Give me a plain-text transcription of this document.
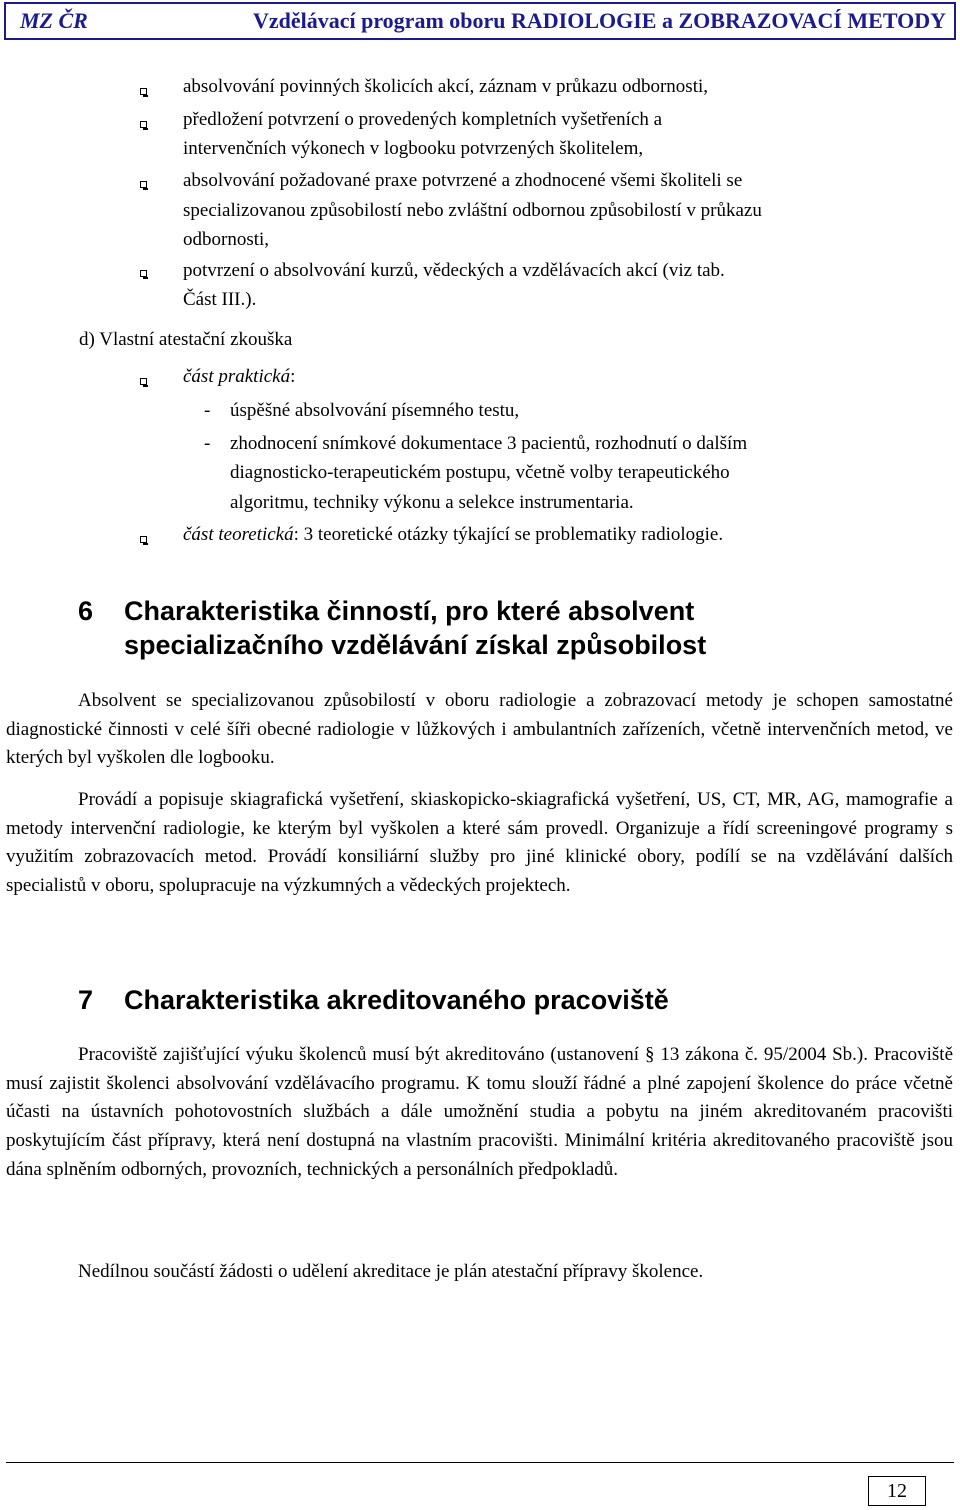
MZ ČR	Vzdělávací program oboru RADIOLOGIE a ZOBRAZOVACÍ METODY
absolvování povinných školicích akcí, záznam v průkazu odbornosti,
předložení potvrzení o provedených kompletních vyšetřeních a
intervenčních výkonech v logbooku potvrzených školitelem,
absolvování požadované praxe potvrzené a zhodnocené všemi školiteli se
specializovanou způsobilostí nebo zvláštní odbornou způsobilostí v průkazu
odbornosti,
potvrzení o absolvování kurzů, vědeckých a vzdělávacích akcí (viz tab.
Část III.).
d) Vlastní atestační zkouška
část praktická:
- úspěšné absolvování písemného testu,
- zhodnocení snímkové dokumentace 3 pacientů, rozhodnutí o dalším
diagnosticko-terapeutickém postupu, včetně volby terapeutického
algoritmu, techniky výkonu a selekce instrumentaria.
část teoretická: 3 teoretické otázky týkající se problematiky radiologie.
6 Charakteristika činností, pro které absolvent
specializačního vzdělávání získal způsobilost
Absolvent se specializovanou způsobilostí v oboru radiologie a zobrazovací metody je schopen samostatné diagnostické činnosti v celé šíři obecné radiologie v lůžkových i ambulantních zařízeních, včetně intervenčních metod, ve kterých byl vyškolen dle logbooku.
Provádí a popisuje skiagrafická vyšetření, skiaskopicko-skiagrafická vyšetření, US, CT, MR, AG, mamografie a metody intervenční radiologie, ke kterým byl vyškolen a které sám provedl. Organizuje a řídí screeningové programy s využitím zobrazovacích metod. Provádí konsiliární služby pro jiné klinické obory, podílí se na vzdělávání dalších specialistů v oboru, spolupracuje na výzkumných a vědeckých projektech.
7 Charakteristika akreditovaného pracoviště
Pracoviště zajišťující výuku školenců musí být akreditováno (ustanovení § 13 zákona č. 95/2004 Sb.). Pracoviště musí zajistit školenci absolvování vzdělávacího programu. K tomu slouží řádné a plné zapojení školence do práce včetně účasti na ústavních pohotovostních službách a dále umožnění studia a pobytu na jiném akreditovaném pracovišti poskytujícím část přípravy, která není dostupná na vlastním pracovišti. Minimální kritéria akreditovaného pracoviště jsou dána splněním odborných, provozních, technických a personálních předpokladů.
Nedílnou součástí žádosti o udělení akreditace je plán atestační přípravy školence.
12
